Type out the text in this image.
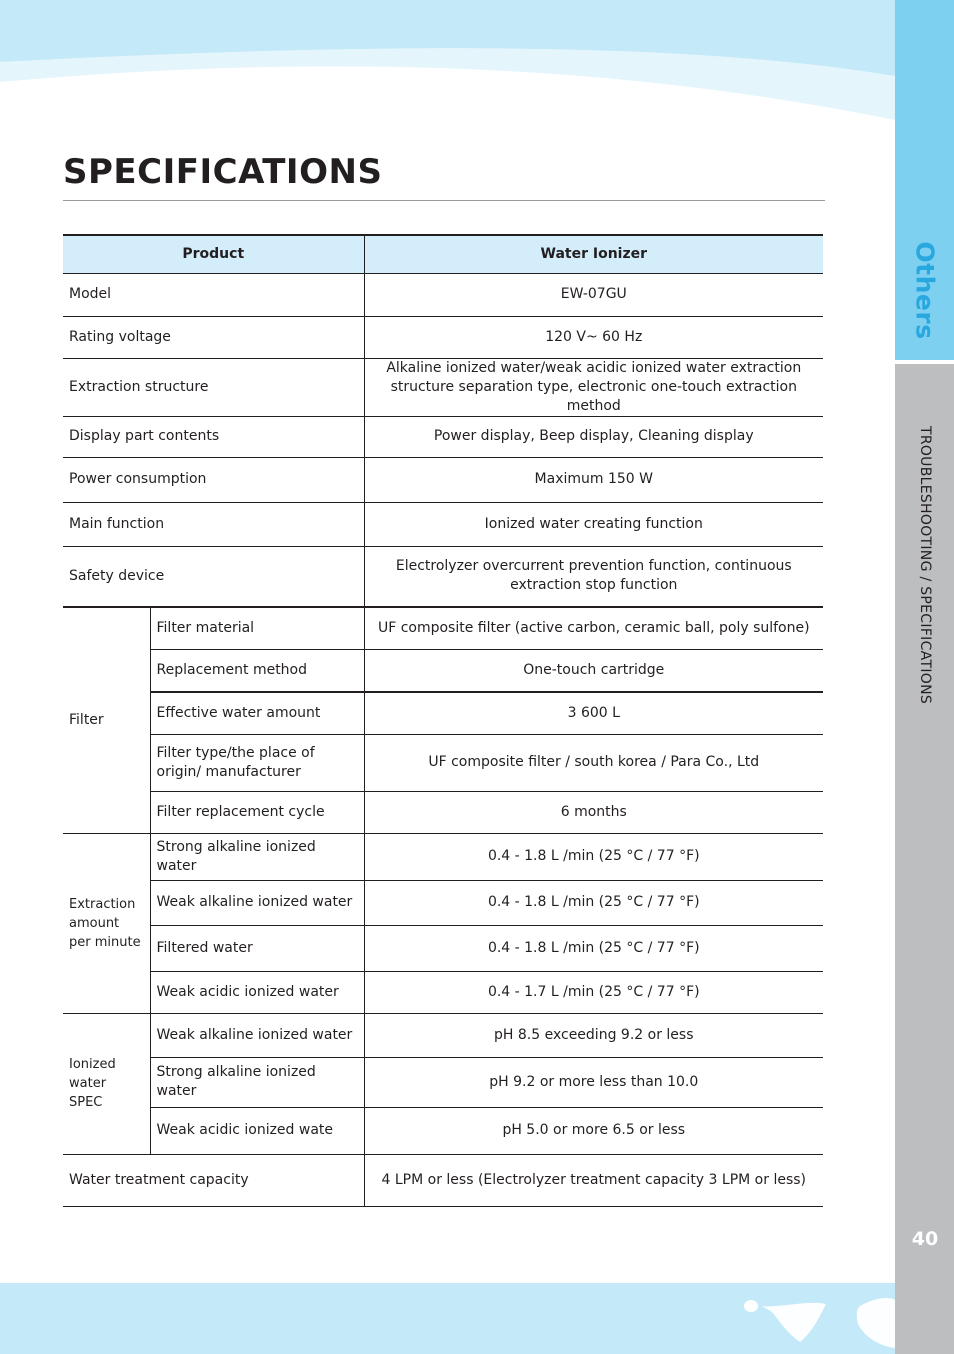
Others
TROUBLESHOOTING / SPECIFICATIONS
40
SPECIFICATIONS
Product		Water Ionizer
Model		EW-07GU
Rating voltage		120 V~ 60 Hz
Extraction structure		Alkaline ionized water/weak acidic ionized water extraction structure separation type, electronic one-touch extraction method
Display part contents		Power display, Beep display, Cleaning display
Power consumption		Maximum 150 W
Main function		Ionized water creating function
Safety device		Electrolyzer overcurrent prevention function, continuous extraction stop function
Filter	Filter material	UF composite filter (active carbon, ceramic ball, poly sulfone)
	Replacement method	One-touch cartridge
	Effective water amount	3 600 L
	Filter type/the place of origin/ manufacturer	UF composite filter / south korea / Para Co., Ltd
	Filter replacement cycle	6 months
Extraction amount per minute	Strong alkaline ionized water	0.4 - 1.8 L /min (25 °C / 77 °F)
	Weak alkaline ionized water	0.4 - 1.8 L /min (25 °C / 77 °F)
	Filtered water	0.4 - 1.8 L /min (25 °C / 77 °F)
	Weak acidic ionized water	0.4 - 1.7 L /min (25 °C / 77 °F)
Ionized water SPEC	Weak alkaline ionized water	pH 8.5 exceeding 9.2 or less
	Strong alkaline ionized water	pH 9.2 or more less than 10.0
	Weak acidic ionized wate	pH 5.0 or more 6.5 or less
Water treatment capacity		4 LPM or less (Electrolyzer treatment capacity 3 LPM or less)
